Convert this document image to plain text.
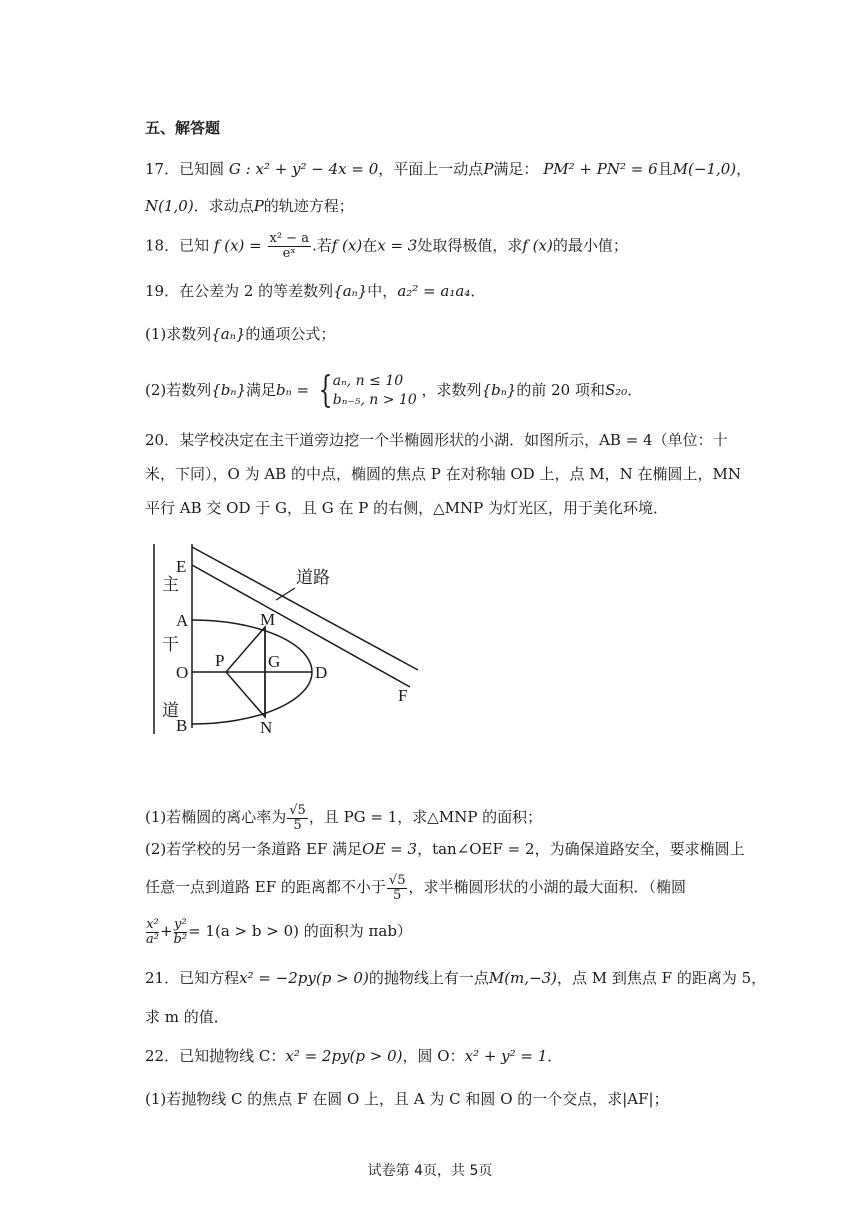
五、解答题
17．已知圆 G : x² + y² − 4x = 0，平面上一动点P满足： PM² + PN² = 6且M(−1,0)，
N(1,0)．求动点P的轨迹方程；
18．已知 f $(x) = \frac{\text{x² − a}}{\text{eˣ}}$ .若f (x)在x = 3处取得极值，求f (x)的最小值；
19．在公差为 2 的等差数列{aₙ}中，a₂² = a₁a₄．
(1)求数列{aₙ}的通项公式；
(2)若数列{bₙ}满足bₙ = { aₙ, n ≤ 10
bₙ₋₅, n > 10
，求数列{bₙ}的前 20 项和S₂₀．
20．某学校决定在主干道旁边挖一个半椭圆形状的小湖．如图所示，AB = 4（单位：十
米，下同），O 为 AB 的中点，椭圆的焦点 P 在对称轴 OD 上，点 M，N 在椭圆上，MN
平行 AB 交 OD 于 G，且 G 在 P 的右侧，△MNP 为灯光区，用于美化环境．
E
主
A
干
O
道
B
M
N
P	G
D
F
道路
(1)若椭圆的离心率为 $\frac{√5}{5}$ ，且 PG = 1，求△MNP 的面积；
(2)若学校的另一条道路 EF 满足OE = 3，tan∠OEF = 2，为确保道路安全，要求椭圆上
任意一点到道路 EF 的距离都不小于 $\frac{√5}{5}$ ，求半椭圆形状的小湖的最大面积．（椭圆
$\frac{\text{x²}}{\text{a²}} + \frac{\text{y²}}{\text{b²}} = 1(a > b > 0)$ 的面积为 πab）
21．已知方程x² = −2py(p > 0)的抛物线上有一点M(m,−3)，点 M 到焦点 F 的距离为 5，
求 m 的值．
22．已知抛物线 C：x² = 2py(p > 0)，圆 O：x² + y² = 1．
(1)若抛物线 C 的焦点 F 在圆 O 上，且 A 为 C 和圆 O 的一个交点，求|AF|；
试卷第 4页，共 5页
